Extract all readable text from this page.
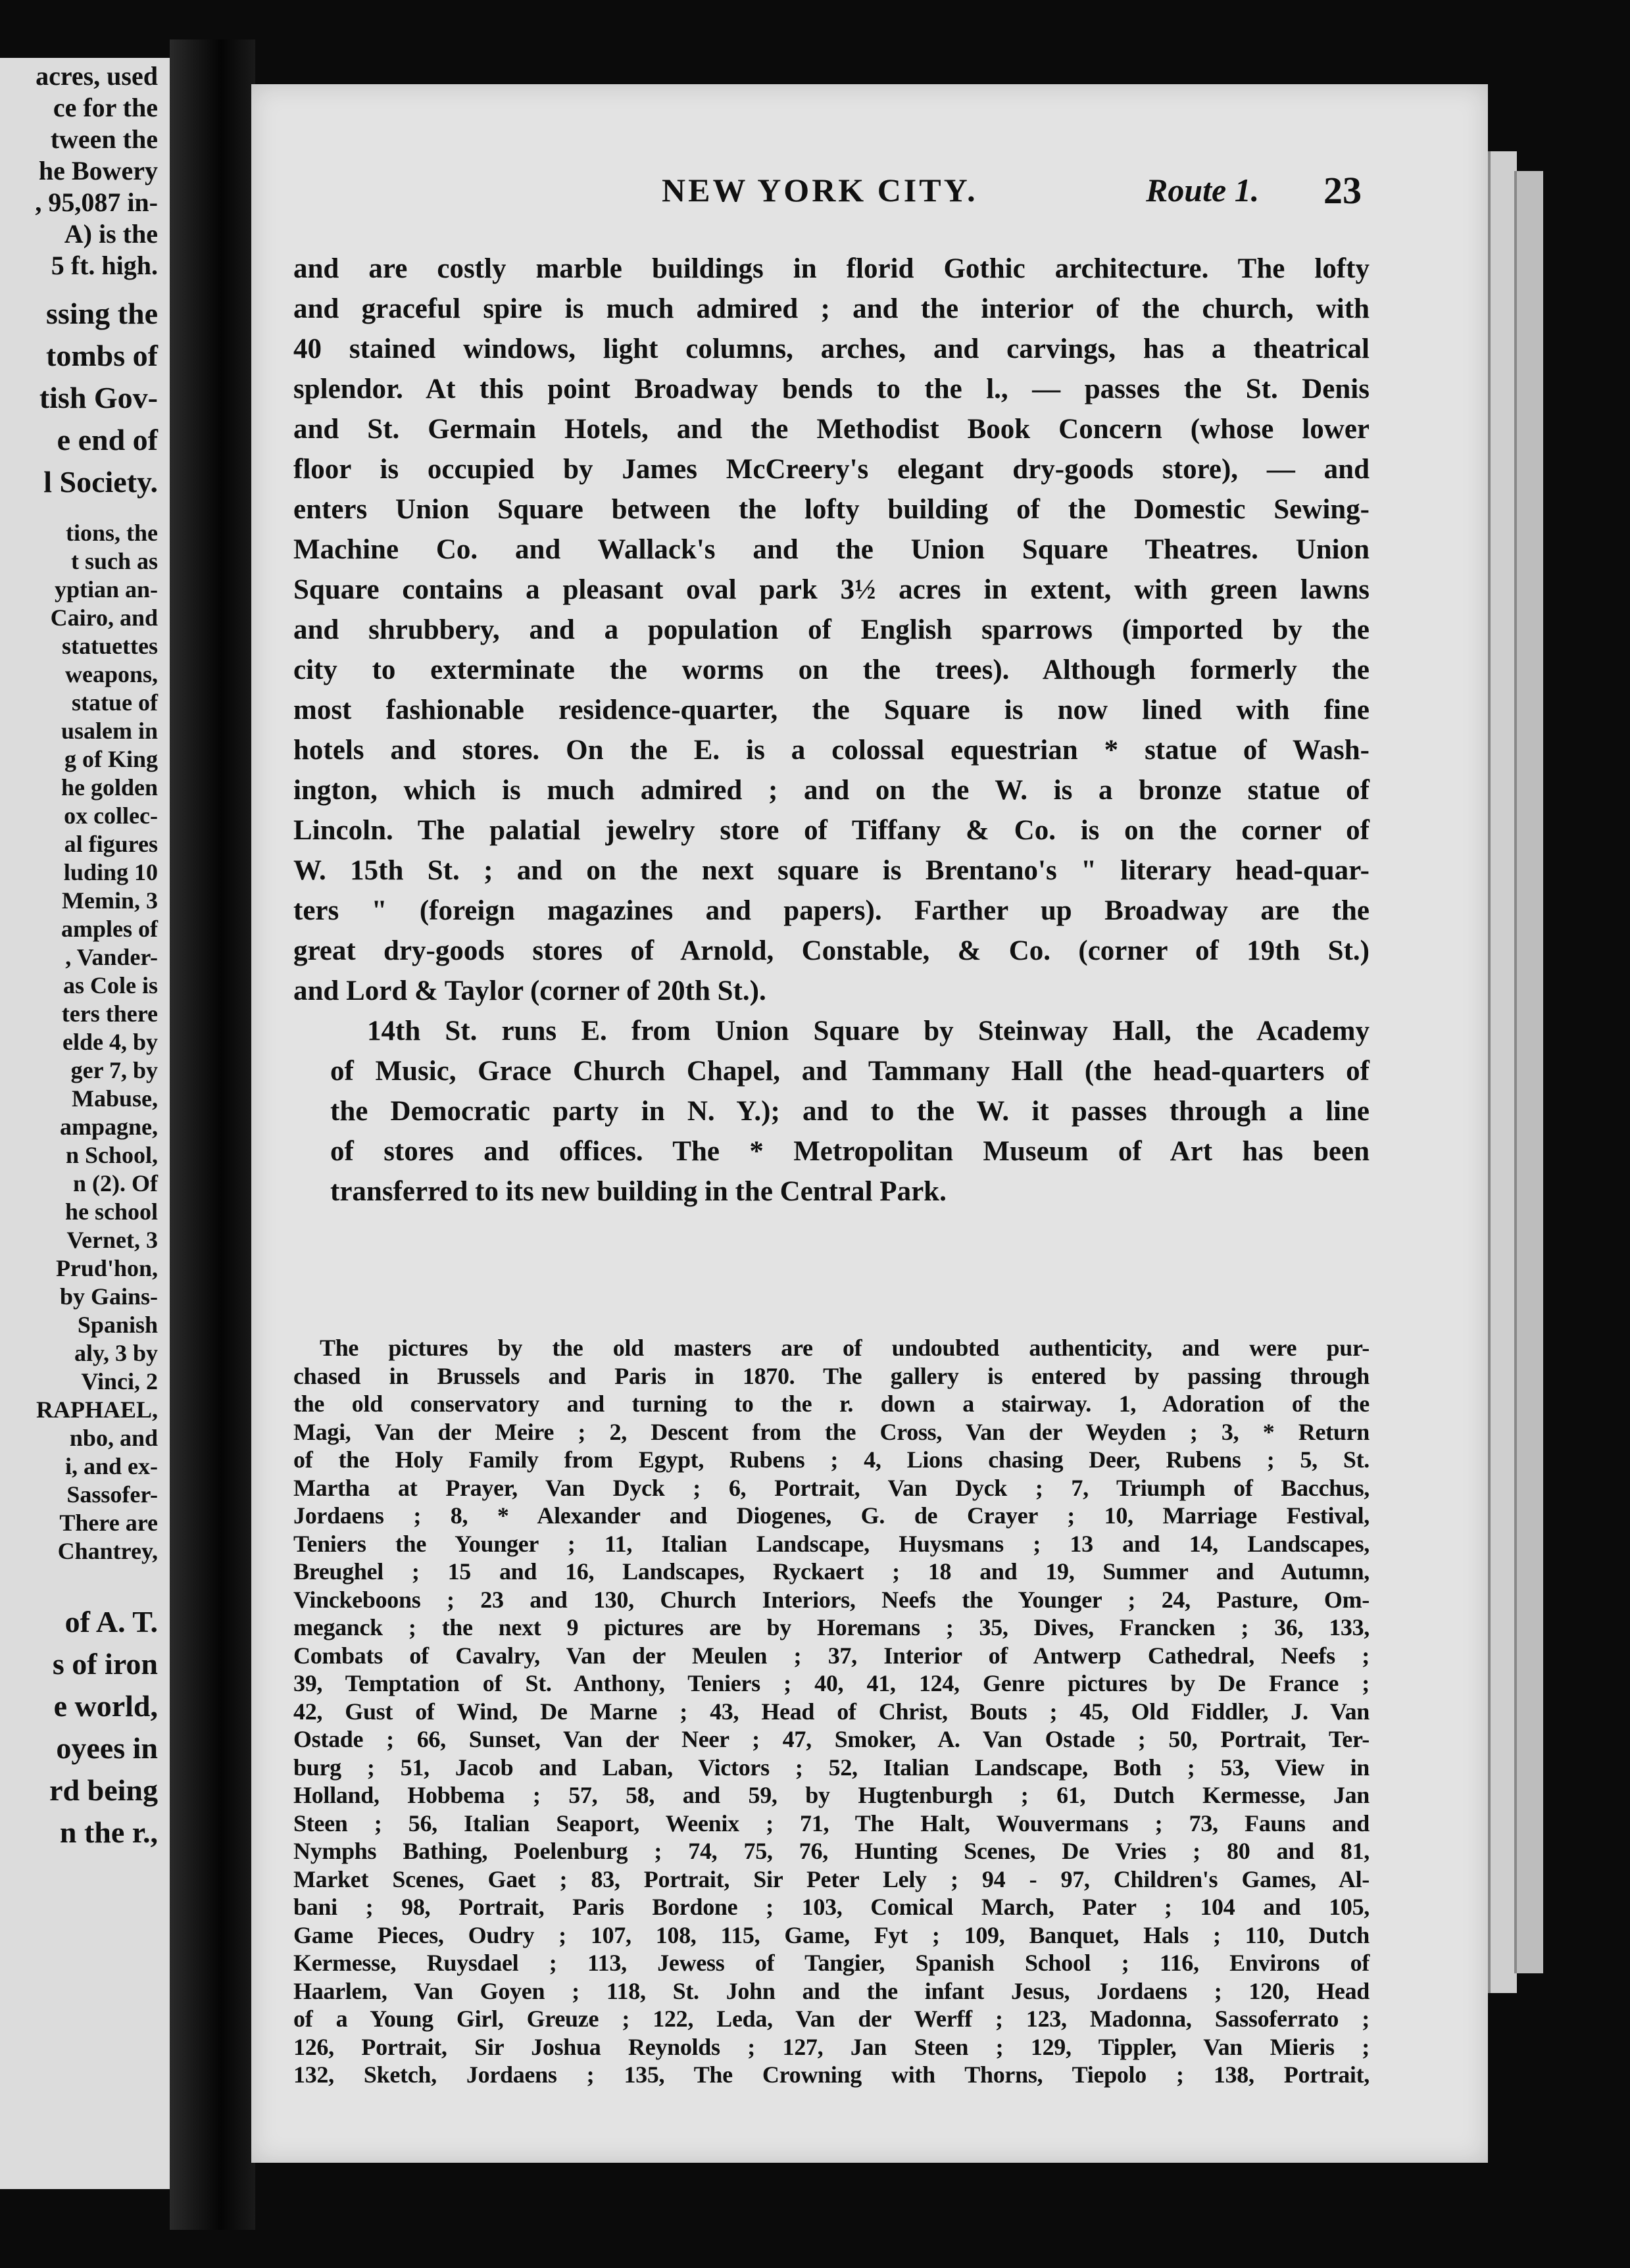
acres, used
ce for the
tween the
he Bowery
, 95,087 in-
A) is the
5 ft. high.
ssing the
tombs of
tish Gov-
e end of
l Society.
tions, the
t such as
yptian an-
Cairo, and
statuettes
weapons,
statue of
usalem in
g of King
he golden
ox collec-
al figures
luding 10
Memin, 3
amples of
, Vander-
as Cole is
ters there
elde 4, by
ger 7, by
Mabuse,
ampagne,
n School,
n (2). Of
he school
Vernet, 3
Prud'hon,
by Gains-
Spanish
aly, 3 by
Vinci, 2
RAPHAEL,
nbo, and
i, and ex-
Sassofer-
There are
Chantrey,
of A. T.
s of iron
e world,
oyees in
rd being
n the r.,
NEW YORK CITY.	Route 1. 23

and are costly marble buildings in florid Gothic architecture. The lofty
and graceful spire is much admired ; and the interior of the church, with
40 stained windows, light columns, arches, and carvings, has a theatrical
splendor. At this point Broadway bends to the l., — passes the St. Denis
and St. Germain Hotels, and the Methodist Book Concern (whose lower
floor is occupied by James McCreery's elegant dry-goods store), — and
enters Union Square between the lofty building of the Domestic Sewing-
Machine Co. and Wallack's and the Union Square Theatres. Union
Square contains a pleasant oval park 3½ acres in extent, with green lawns
and shrubbery, and a population of English sparrows (imported by the
city to exterminate the worms on the trees). Although formerly the
most fashionable residence-quarter, the Square is now lined with fine
hotels and stores. On the E. is a colossal equestrian * statue of Wash-
ington, which is much admired ; and on the W. is a bronze statue of
Lincoln. The palatial jewelry store of Tiffany & Co. is on the corner of
W. 15th St. ; and on the next square is Brentano's " literary head-quar-
ters " (foreign magazines and papers). Farther up Broadway are the
great dry-goods stores of Arnold, Constable, & Co. (corner of 19th St.)
and Lord & Taylor (corner of 20th St.).

14th St. runs E. from Union Square by Steinway Hall, the Academy
of Music, Grace Church Chapel, and Tammany Hall (the head-quarters of
the Democratic party in N. Y.); and to the W. it passes through a line
of stores and offices. The * Metropolitan Museum of Art has been
transferred to its new building in the Central Park.

The pictures by the old masters are of undoubted authenticity, and were pur-
chased in Brussels and Paris in 1870. The gallery is entered by passing through
the old conservatory and turning to the r. down a stairway. 1, Adoration of the
Magi, Van der Meire ; 2, Descent from the Cross, Van der Weyden ; 3, * Return
of the Holy Family from Egypt, Rubens ; 4, Lions chasing Deer, Rubens ; 5, St.
Martha at Prayer, Van Dyck ; 6, Portrait, Van Dyck ; 7, Triumph of Bacchus,
Jordaens ; 8, * Alexander and Diogenes, G. de Crayer ; 10, Marriage Festival,
Teniers the Younger ; 11, Italian Landscape, Huysmans ; 13 and 14, Landscapes,
Breughel ; 15 and 16, Landscapes, Ryckaert ; 18 and 19, Summer and Autumn,
Vinckeboons ; 23 and 130, Church Interiors, Neefs the Younger ; 24, Pasture, Om-
meganck ; the next 9 pictures are by Horemans ; 35, Dives, Francken ; 36, 133,
Combats of Cavalry, Van der Meulen ; 37, Interior of Antwerp Cathedral, Neefs ;
39, Temptation of St. Anthony, Teniers ; 40, 41, 124, Genre pictures by De France ;
42, Gust of Wind, De Marne ; 43, Head of Christ, Bouts ; 45, Old Fiddler, J. Van
Ostade ; 66, Sunset, Van der Neer ; 47, Smoker, A. Van Ostade ; 50, Portrait, Ter-
burg ; 51, Jacob and Laban, Victors ; 52, Italian Landscape, Both ; 53, View in
Holland, Hobbema ; 57, 58, and 59, by Hugtenburgh ; 61, Dutch Kermesse, Jan
Steen ; 56, Italian Seaport, Weenix ; 71, The Halt, Wouvermans ; 73, Fauns and
Nymphs Bathing, Poelenburg ; 74, 75, 76, Hunting Scenes, De Vries ; 80 and 81,
Market Scenes, Gaet ; 83, Portrait, Sir Peter Lely ; 94 - 97, Children's Games, Al-
bani ; 98, Portrait, Paris Bordone ; 103, Comical March, Pater ; 104 and 105,
Game Pieces, Oudry ; 107, 108, 115, Game, Fyt ; 109, Banquet, Hals ; 110, Dutch
Kermesse, Ruysdael ; 113, Jewess of Tangier, Spanish School ; 116, Environs of
Haarlem, Van Goyen ; 118, St. John and the infant Jesus, Jordaens ; 120, Head
of a Young Girl, Greuze ; 122, Leda, Van der Werff ; 123, Madonna, Sassoferrato ;
126, Portrait, Sir Joshua Reynolds ; 127, Jan Steen ; 129, Tippler, Van Mieris ;
132, Sketch, Jordaens ; 135, The Crowning with Thorns, Tiepolo ; 138, Portrait,
